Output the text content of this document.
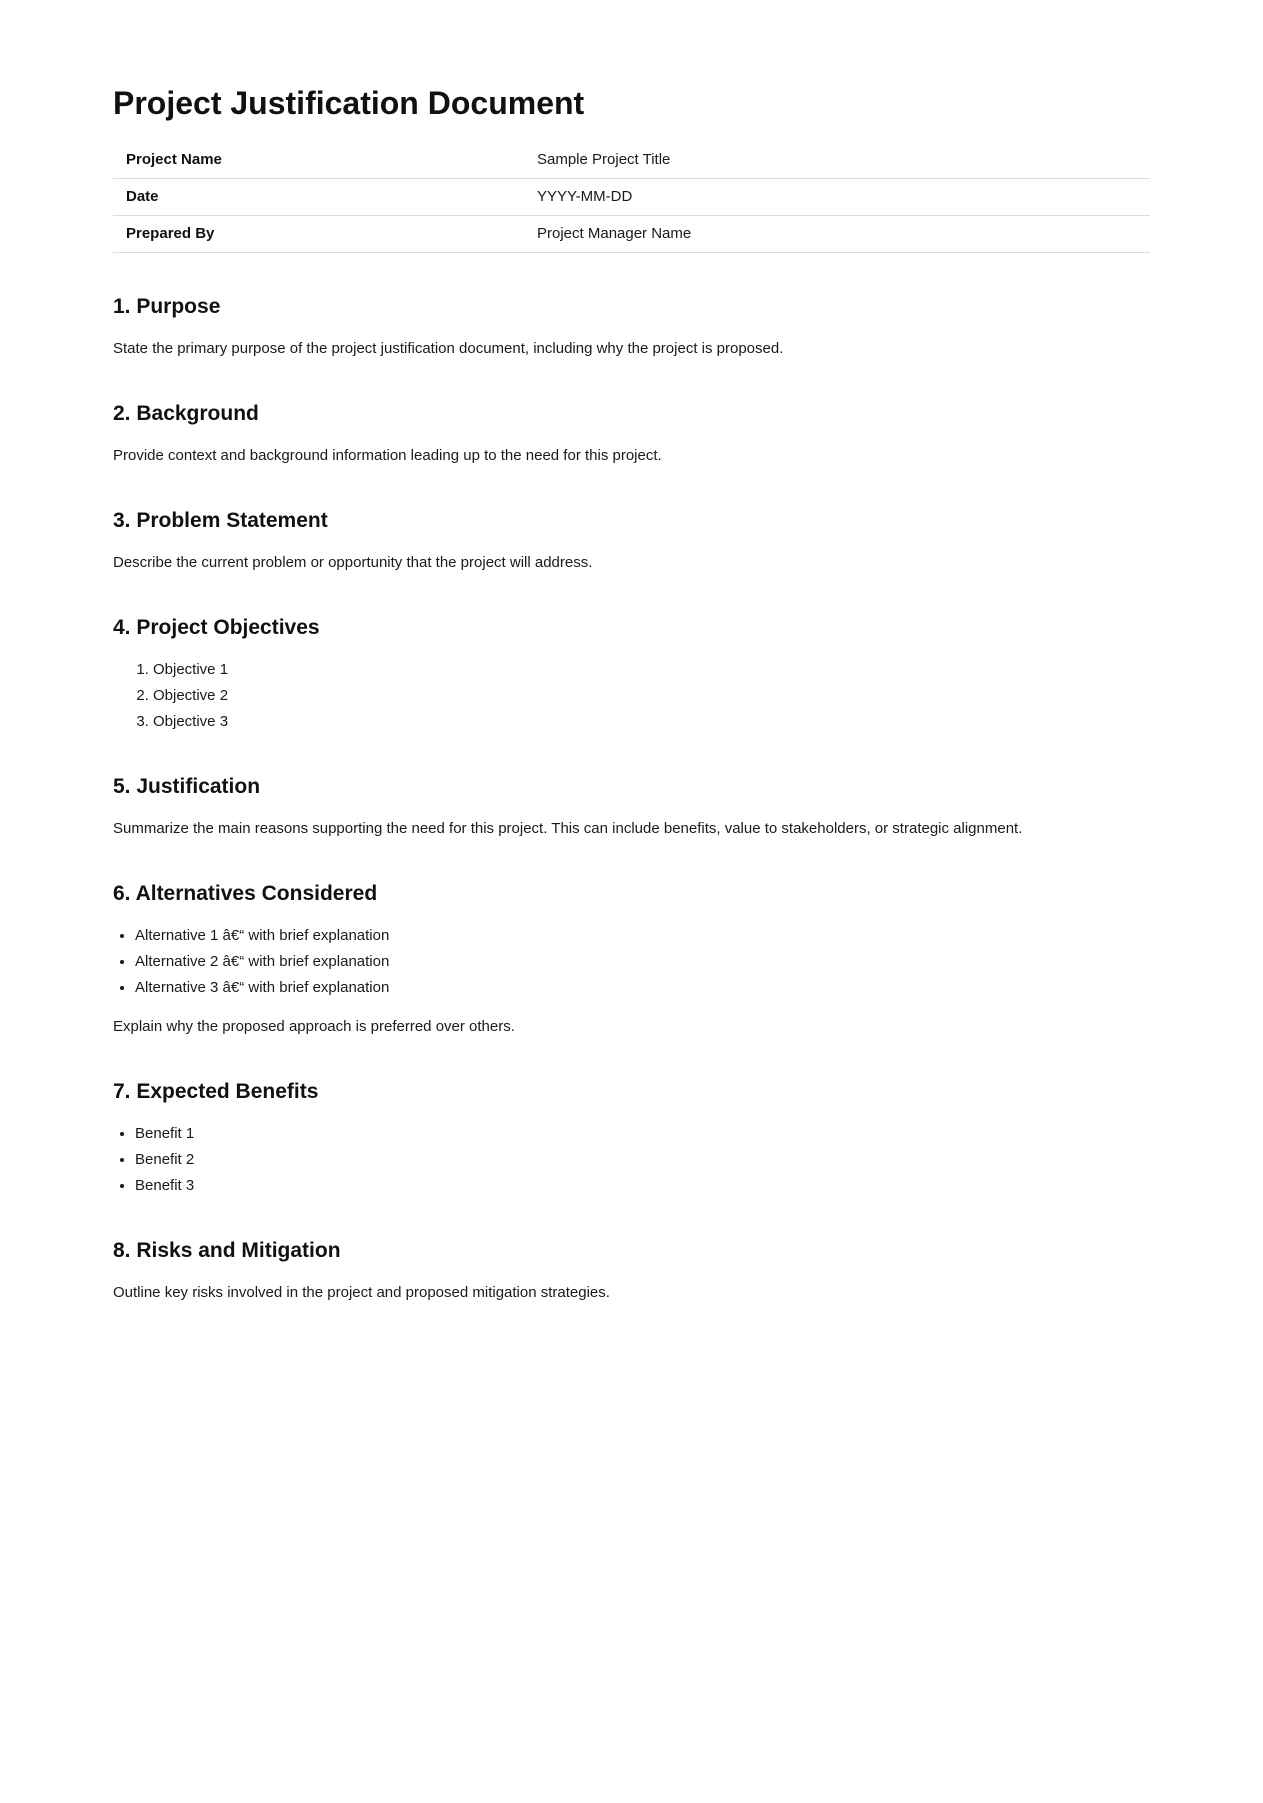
Project Justification Document
Project Name	Sample Project Title
Date	YYYY-MM-DD
Prepared By	Project Manager Name
1. Purpose

State the primary purpose of the project justification document, including why the project is proposed.

2. Background

Provide context and background information leading up to the need for this project.

3. Problem Statement

Describe the current problem or opportunity that the project will address.

4. Project Objectives
1. Objective 1
2. Objective 2
3. Objective 3
5. Justification

Summarize the main reasons supporting the need for this project. This can include benefits, value to stakeholders, or strategic alignment.

6. Alternatives Considered
• Alternative 1 â€“ with brief explanation
• Alternative 2 â€“ with brief explanation
• Alternative 3 â€“ with brief explanation

Explain why the proposed approach is preferred over others.

7. Expected Benefits
• Benefit 1
• Benefit 2
• Benefit 3
8. Risks and Mitigation

Outline key risks involved in the project and proposed mitigation strategies.
